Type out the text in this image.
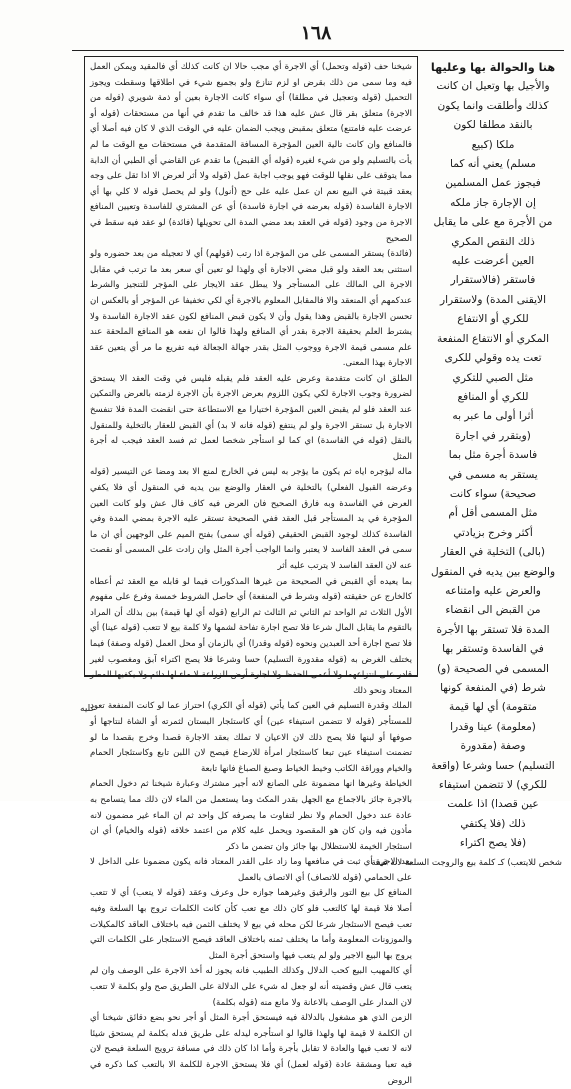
١٦٨
هنا والحوالة بها وعليها
والأجيل بها وتعيل ان كانت
كذلك وأطلقت وانما يكون
بالنقد مطلقا لكون
ملكا (كبيع
مسلم) يعني أنه كما
فيجوز عمل المسلمين
إن الإجارة جاز ملكه
من الأجرة مع على ما يقابل
ذلك النقص المكري
العين أعرضت عليه
فاستقر (فالاستقرار
الايقنى المدة) ولاستقرار
للكري أو الانتفاع
المكري أو الانتفاع المنفعة
تعت يده وقولي للكرى
مثل الصبي للتكري
للكري أو المنافع
أثرا أولى ما عبر به
(وبتقرر في اجارة
فاسدة أجرة مثل بما
يستقر به مسمى في
صحيحة) سواء كانت
مثل المسمى أقل أم
أكثر وخرج بزيادتي
(بالى) التخلية في العقار
والوضع بين يديه في المنقول
والعرض عليه وامتناعه
من القبض الى انقضاء
المدة فلا تستقر بها الأجرة
في الفاسدة وتستقر بها
المسمى في الصحيحة (و)
شرط (في المنفعة كونها
متقومة) أي لها قيمة
(معلومة) عينا وقدرا
وصفة (مقدورة
التسليم) حسا وشرعا (واقعة
للكري) لا تتضمن استيفاء
عين قصدا) اذا علمت
ذلك (فلا يكتفي
(فلا يصح اكتراء
شخص للايتعب) كـ كلمة بيع والروجت السلعة لانه قيمة

شيخنا حف (قوله وتحمل) أي الاجرة أي مجب حالا ان كانت كذلك أي فالمقيد ويمكن العمل فيه وما سمى من ذلك بقرض او لزم تنازع ولو بجميع شيء في اطلاقها وسقطت ويجوز التحميل (قوله وتعجيل في مطلقا) أي سواء كانت الاجارة بعين أو ذمة شويري (قوله من الاجرة) متعلق بقر قال عش عليه هذا قد خالف ما تقدم في أنها من مستحقات (قوله أو عرضت عليه فامتنع) متعلق بمقبض ويجب الضمان عليه في الوقت الذي لا كان فيه أصلا أي فالمنافع وان كانت تالية العين المؤجرة المسافة المتقدمة في مستحقات مع الوقت ما لم يأت بالتسليم ولو من شيء لغيره (قوله أي القبض) ما تقدم عن القاضي أي الطبي أن الدابة مما يتوقف على نقلها للوقت فهو يوجب اجابة عمل (قوله ولا أثر لعرض الا اذا ثقل على وجه يعقد قبيتة في البيع نعم ان عمل عليه على حج (أنول) ولو لم يحصل قوله لا كلي بها أي الاجارة الفاسدة (قوله بعرضه في اجارة فاسدة) أي عن المشتري للفاسدة وتعيين المنافع الاجرة من وجود (قوله في العقد بعد مضي المدة الى تحويلها (فائدة) لو عقد فيه سقط في الصحيح

(فائدة) يستقر المسمى على من المؤجرة اذا رتب (قولهم) أي لا تعجيله من بعد حضوره ولو استثنى بعد العقد ولو قبل مضي الاجارة أي ولهذا لو تعين أي سعر بعد ما ترتب في مقابل الاجرة الى المالك على المستأجر ولا يبطل عقد الايجار على المؤجر للتنجيز والشرط عندكمهم أي المنعقد والا فالمقابل المعلوم بالاجرة أي لكي تخفيفا عن المؤجر أو بالعكس ان تحسن الاجارة بالقبض وهذا يقول وأن لا يكون قبض المنافع لكون عقد الاجارة الفاسدة ولا يشترط العلم بحقيقة الاجرة بقدر أي المنافع ولهذا قالوا ان نفعه هو المنافع الملحقة عند علم مسمى قيمة الاجرة ووجوب المثل بقدر جهالة الجعالة فيه تفريع ما مر أي يتعين عقد الاجارة بهذا المعنى.

الطلق ان كانت متقدمة وعرض عليه العقد فلم يقبله فليس في وقت العقد الا يستحق لضرورة وجوب الاجارة لكي يكون اللزوم بعرض الاجرة بأن الاجرة لزمته بالعرض والتمكين عند العقد فلو لم يقبض العين المؤجرة اختيارا مع الاستطاعة حتى انقضت المدة فلا تنفسخ الاجارة بل تستقر الاجرة ولو لم ينتفع (قوله فانه لا بد) أي القبض للعقار بالتخلية وللمنقول بالنقل (قوله في الفاسدة) اي كما لو استأجر شخصا لعمل ثم فسد العقد فيجب له أجرة المثل

ماله ليؤجره اياه ثم يكون ما يؤجر به ليس في الخارج لمنع الا بعد ومضا عن التيسير (قوله وعرضه القبول الفعلي) بالتخلية في العقار والوضع بين يديه في المنقول أي فلا يكفي العرض في الفاسدة وبه فارق الصحيح فان العرض فيه كاف قال عش ولو كانت العين المؤجرة في يد المستأجر قبل العقد ففي الصحيحة تستقر عليه الاجرة بمضي المدة وفي الفاسدة كذلك لوجود القبض الحقيقي (قوله أي سمى) بفتح الميم على الوجهين أي ان ما سمى في العقد الفاسد لا يعتبر وانما الواجب أجرة المثل وان زادت على المسمى أو نقصت عنه لان العقد الفاسد لا يترتب عليه أثر

بما يعيده أي القبض في الصحيحة من غيرها المذكورات فيما لو قابله مع العقد ثم أعطاه كالخارج عن حقيقته (قوله وشرط في المنفعة) أي حاصل الشروط خمسة وفرع على مفهوم الأول الثلاث ثم الواحد ثم الثاني ثم الثالث ثم الرابع (قوله أي لها قيمة) بين بذلك أن المراد بالتقوم ما يقابل المال شرعا فلا تصح اجارة تفاحة لشمها ولا كلمة بيع لا تتعب (قوله عينا) أي فلا تصح اجارة أحد العبدين ونحوه (قوله وقدرا) أي بالزمان أو محل العمل (قوله وصفة) فيما يختلف الغرض به (قوله مقدورة التسليم) حسا وشرعا فلا يصح اكتراء آبق ومغصوب لغير قادر على انتزاعهما ولا أعمى للحفظ ولا اجارة أرض للزراعة لا ماء لها دائم ولا يكفيها المطر المعتاد ونحو ذلك

الملك وقدرة التسليم في العين كما يأتي (قوله أي الكري) احتراز عما لو كانت المنفعة تعود للمستأجر (قوله لا تتضمن استيفاء عين) أي كاستئجار البستان لثمرته أو الشاة لنتاجها أو صوفها أو لبنها فلا يصح ذلك لان الاعيان لا تملك بعقد الاجارة قصدا وخرج بقصدا ما لو تضمنت استيفاء عين تبعا كاستئجار امرأة للارضاع فيصح لان اللبن تابع وكاستئجار الحمام والخيام ووراقة الكاتب وخيط الخياط وصبغ الصباغ فانها تابعة

الخياطة وغيرها انها مضمونة على الصانع لانه أجير مشترك وعبارة شيخنا ثم دخول الحمام بالاجرة جائز بالاجماع مع الجهل بقدر المكث وما يستعمل من الماء لان ذلك مما يتسامح به عادة عند دخول الحمام ولا نظر لتفاوت ما يصرفه كل واحد ثم ان الماء غير مضمون لانه مأذون فيه وان كان هو المقصود ويحمل عليه كلام من اعتمد خلافه (قوله والخيام) أي ان استئجار الخيمة للاستظلال بها جائز وان تضمن ما ذكر

بعد الاجرة أي ثبت في منافعها وما زاد على القدر المعتاد فانه يكون مضمونا على الداخل لا على الحمامي (قوله للاتصاف) أي الاتصاف بالعمل

المنافع كل بيع التور والرقيق وغيرهما جوازه حل وعرف وعقد (قوله لا يتعب) أي لا تتعب أصلا فلا قيمة لها كالتعب فلو كان ذلك مع تعب كأن كانت الكلمات تروج بها السلعة وفيه تعب فيصح الاستئجار شرعا لكن محله في بيع لا يختلف الثمن فيه باختلاف العاقد كالمكيلات والموزونات المعلومة وأما ما يختلف ثمنه باختلاف العاقد فيصح الاستئجار على الكلمات التي يروج بها البيع الاجير ولو لم يتعب فيها واستحق أجرة المثل

أي كالمهيب البيع كحب الدلال وكذلك الطبيب فانه يجوز له أخذ الاجرة على الوصف وان لم يتعب قال عش وقضيته أنه لو جعل له شيء على الدلالة على الطريق صح ولو بكلمة لا تتعب لان المدار على الوصف بالاعانة ولا مانع منه (قوله بكلمة)

الزمن الذي هو مشغول بالدلالة فيه فيستحق أجرة المثل أو أجر نحو بضع دقائق شيخنا أي ان الكلمة لا قيمة لها ولهذا قالوا لو استأجره ليدله على طريق فدله بكلمة لم يستحق شيئا لانه لا تعب فيها والعادة لا تقابل بأجرة وأما اذا كان ذلك في مسافة ترويج السلعة فيصح لان فيه تعبا ومشقة عادة (قوله لعمل) أي فلا يستحق الاجرة للكلمة الا بالتعب كما ذكره في الروض

عليه
